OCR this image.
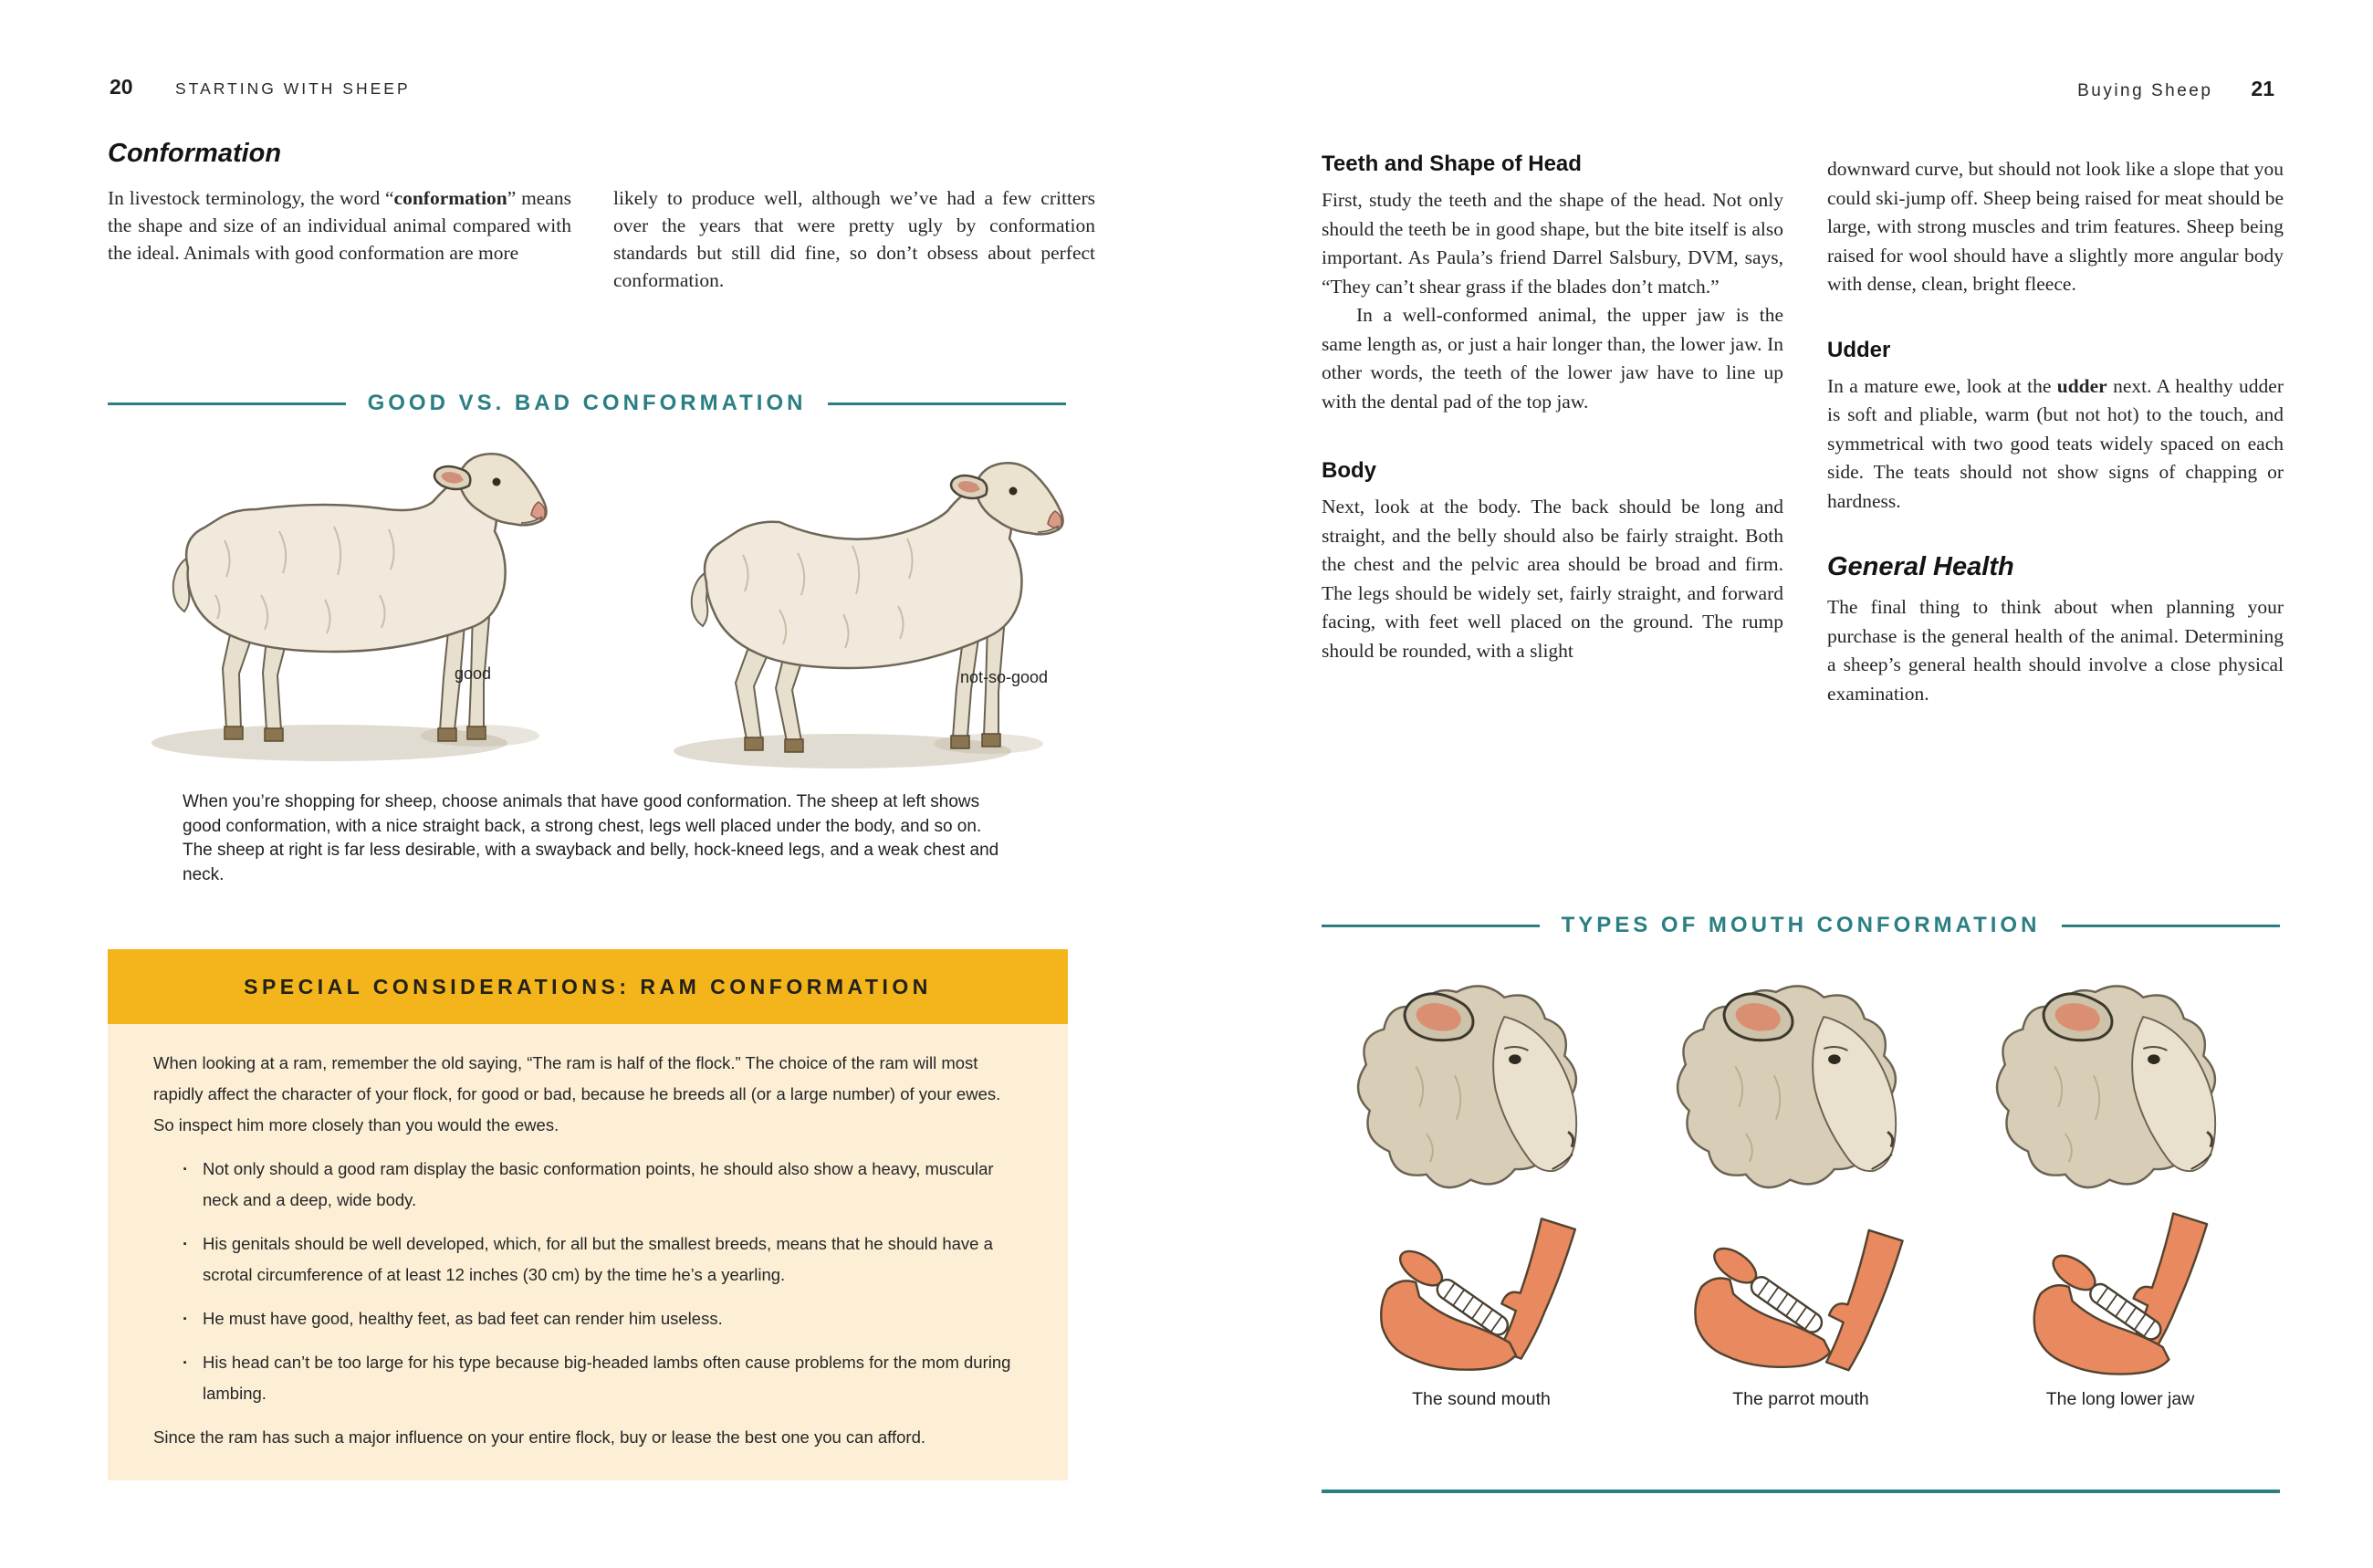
20	STARTING WITH SHEEP
Conformation

In livestock terminology, the word “conformation” means the shape and size of an individual animal compared with the ideal. Animals with good conformation are more

likely to produce well, although we’ve had a few critters over the years that were pretty ugly by conformation standards but still did fine, so don’t obsess about perfect conformation.

GOOD VS. BAD CONFORMATION
good	not-so-good
When you’re shopping for sheep, choose animals that have good conformation. The sheep at left shows good conformation, with a nice straight back, a strong chest, legs well placed under the body, and so on. The sheep at right is far less desirable, with a swayback and belly, hock-kneed legs, and a weak chest and neck.
SPECIAL CONSIDERATIONS: RAM CONFORMATION

When looking at a ram, remember the old saying, “The ram is half of the flock.” The choice of the ram will most rapidly affect the character of your flock, for good or bad, because he breeds all (or a large number) of your ewes. So inspect him more closely than you would the ewes.

· Not only should a good ram display the basic conformation points, he should also show a heavy, muscular neck and a deep, wide body.
· His genitals should be well developed, which, for all but the smallest breeds, means that he should have a scrotal circumference of at least 12 inches (30 cm) by the time he’s a yearling.
· He must have good, healthy feet, as bad feet can render him useless.
· His head can’t be too large for his type because big-headed lambs often cause problems for the mom during lambing.

Since the ram has such a major influence on your entire flock, buy or lease the best one you can afford.

Buying Sheep 21
Teeth and Shape of Head

First, study the teeth and the shape of the head. Not only should the teeth be in good shape, but the bite itself is also important. As Paula’s friend Darrel Salsbury, DVM, says, “They can’t shear grass if the blades don’t match.”

In a well-conformed animal, the upper jaw is the same length as, or just a hair longer than, the lower jaw. In other words, the teeth of the lower jaw have to line up with the dental pad of the top jaw.

Body

Next, look at the body. The back should be long and straight, and the belly should also be fairly straight. Both the chest and the pelvic area should be broad and firm. The legs should be widely set, fairly straight, and forward facing, with feet well placed on the ground. The rump should be rounded, with a slight

downward curve, but should not look like a slope that you could ski-jump off. Sheep being raised for meat should be large, with strong muscles and trim features. Sheep being raised for wool should have a slightly more angular body with dense, clean, bright fleece.

Udder

In a mature ewe, look at the udder next. A healthy udder is soft and pliable, warm (but not hot) to the touch, and symmetrical with two good teats widely spaced on each side. The teats should not show signs of chapping or hardness.

General Health

The final thing to think about when planning your purchase is the general health of the animal. Determining a sheep’s general health should involve a close physical examination.

TYPES OF MOUTH CONFORMATION
The sound mouth	The parrot mouth	The long lower jaw
